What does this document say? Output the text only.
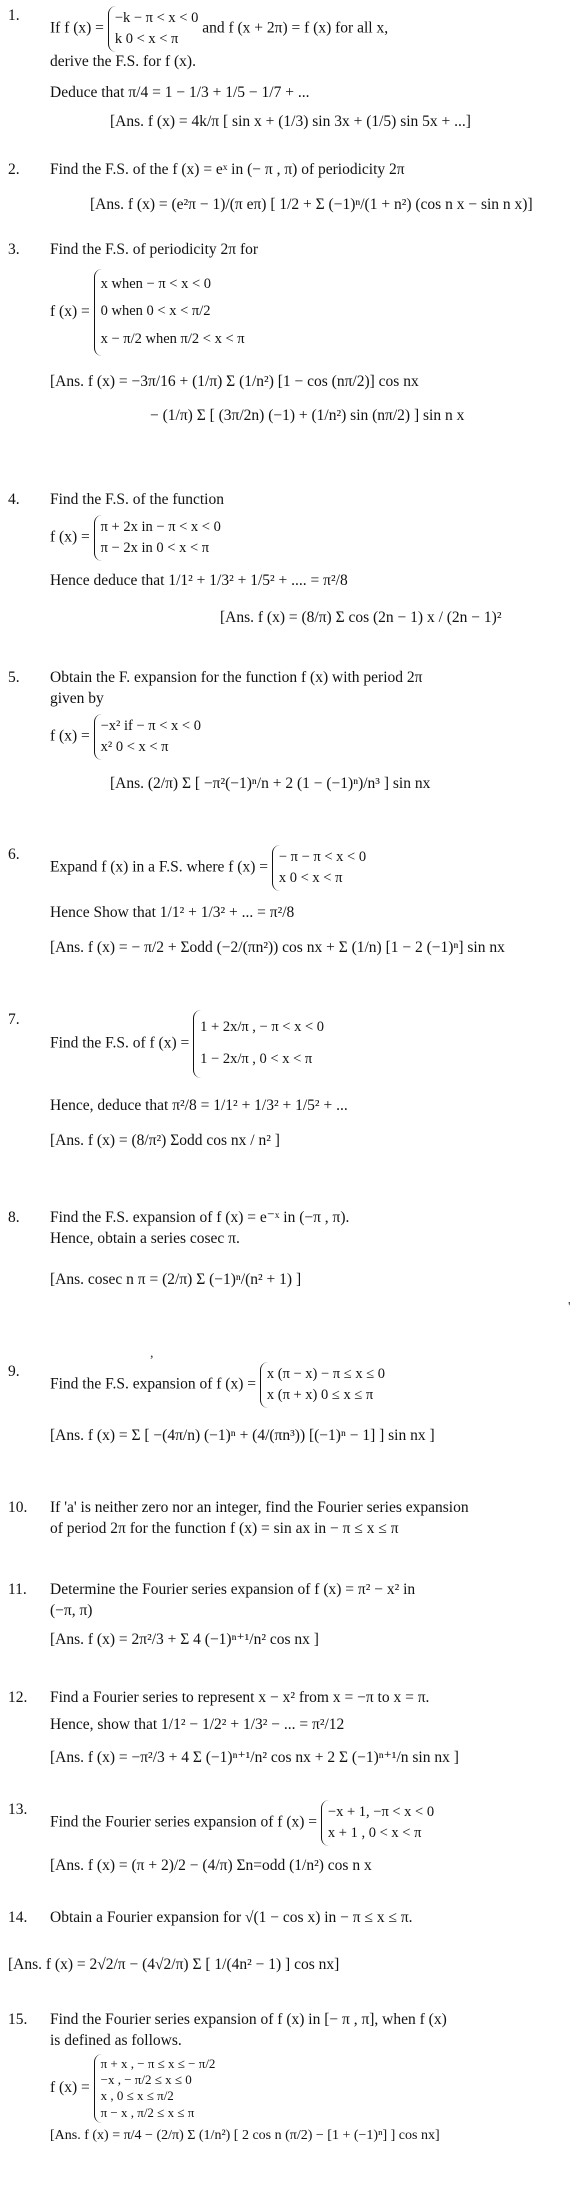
1.
If f (x) =
−k − π < x < 0
k 0 < x < π
and f (x + 2π) = f (x) for all x,
derive the F.S. for f (x).
Deduce that π/4 = 1 − 1/3 + 1/5 − 1/7 + ...
[Ans. f (x) = 4k/π [ sin x + (1/3) sin 3x + (1/5) sin 5x + ...]
2.	Find the F.S. of the f (x) = eˣ in (− π , π) of periodicity 2π
[Ans. f (x) = (e²π − 1)/(π eπ) [ 1/2 + Σ (−1)ⁿ/(1 + n²) (cos n x − sin n x)]
3.	Find the F.S. of periodicity 2π for
f (x) =
x when − π < x < 0
0 when 0 < x < π/2
x − π/2 when π/2 < x < π
[Ans. f (x) = −3π/16 + (1/π) Σ (1/n²) [1 − cos (nπ/2)] cos nx
− (1/π) Σ [ (3π/2n) (−1) + (1/n²) sin (nπ/2) ] sin n x
4.	Find the F.S. of the function
f (x) =
π + 2x in − π < x < 0
π − 2x in 0 < x < π
Hence deduce that 1/1² + 1/3² + 1/5² + .... = π²/8
[Ans. f (x) = (8/π) Σ cos (2n − 1) x / (2n − 1)²
5.	Obtain the F. expansion for the function f (x) with period 2π
given by
f (x) =
−x² if − π < x < 0
x² 0 < x < π
[Ans. (2/π) Σ [ −π²(−1)ⁿ/n + 2 (1 − (−1)ⁿ)/n³ ] sin nx
6.
Expand f (x) in a F.S. where f (x) =
− π − π < x < 0
x 0 < x < π
Hence Show that 1/1² + 1/3² + ... = π²/8
[Ans. f (x) = − π/2 + Σodd (−2/(πn²)) cos nx + Σ (1/n) [1 − 2 (−1)ⁿ] sin nx
7.
Find the F.S. of f (x) =
1 + 2x/π , − π < x < 0
1 − 2x/π , 0 < x < π
Hence, deduce that π²/8 = 1/1² + 1/3² + 1/5² + ...
[Ans. f (x) = (8/π²) Σodd cos nx / n² ]
8.	Find the F.S. expansion of f (x) = e⁻ˣ in (−π , π).
Hence, obtain a series cosec π.
[Ans. cosec n π = (2/π) Σ (−1)ⁿ/(n² + 1) ]
'
,
9.
Find the F.S. expansion of f (x) =
x (π − x) − π ≤ x ≤ 0
x (π + x) 0 ≤ x ≤ π
[Ans. f (x) = Σ [ −(4π/n) (−1)ⁿ + (4/(πn³)) [(−1)ⁿ − 1] ] sin nx ]
10.	If 'a' is neither zero nor an integer, find the Fourier series expansion
of period 2π for the function f (x) = sin ax in − π ≤ x ≤ π
11.	Determine the Fourier series expansion of f (x) = π² − x² in
(−π, π)
[Ans. f (x) = 2π²/3 + Σ 4 (−1)ⁿ⁺¹/n² cos nx ]
12.	Find a Fourier series to represent x − x² from x = −π to x = π.
Hence, show that 1/1² − 1/2² + 1/3² − ... = π²/12
[Ans. f (x) = −π²/3 + 4 Σ (−1)ⁿ⁺¹/n² cos nx + 2 Σ (−1)ⁿ⁺¹/n sin nx ]
13.
Find the Fourier series expansion of f (x) =
−x + 1, −π < x < 0
x + 1 , 0 < x < π
[Ans. f (x) = (π + 2)/2 − (4/π) Σn=odd (1/n²) cos n x
14.	Obtain a Fourier expansion for √(1 − cos x) in − π ≤ x ≤ π.
[Ans. f (x) = 2√2/π − (4√2/π) Σ [ 1/(4n² − 1) ] cos nx]
15.	Find the Fourier series expansion of f (x) in [− π , π], when f (x)
is defined as follows.
f (x) =
π + x , − π ≤ x ≤ − π/2
−x , − π/2 ≤ x ≤ 0
x , 0 ≤ x ≤ π/2
π − x , π/2 ≤ x ≤ π
[Ans. f (x) = π/4 − (2/π) Σ (1/n²) [ 2 cos n (π/2) − [1 + (−1)ⁿ] ] cos nx]
